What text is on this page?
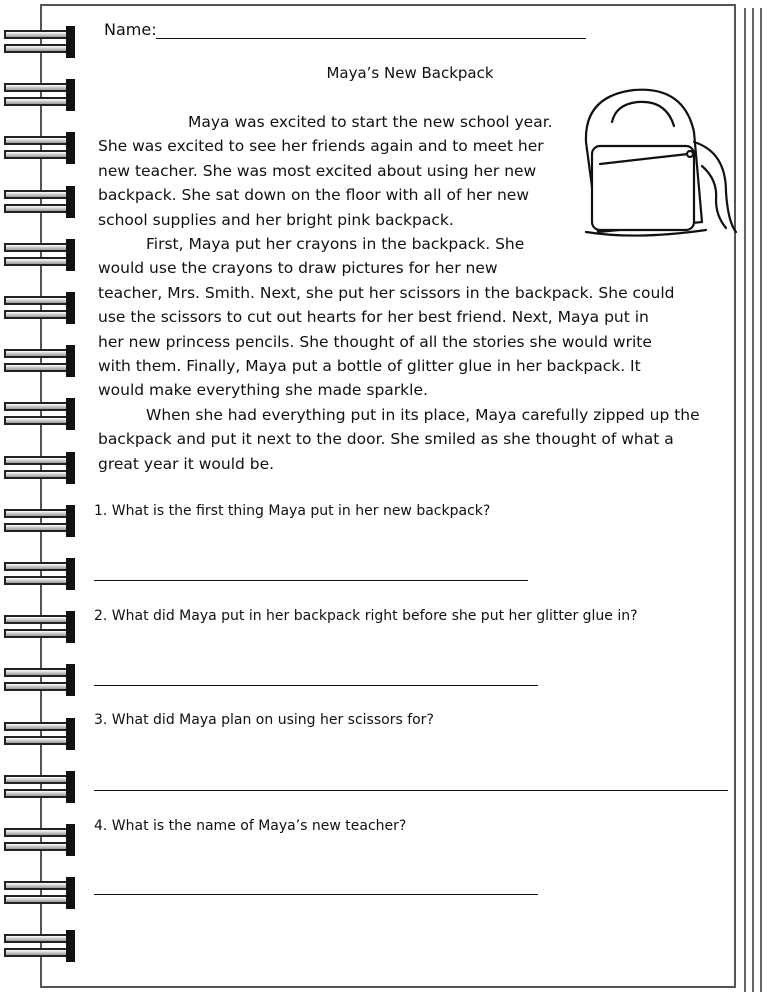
Name:
Maya’s New Backpack
Maya was excited to start the new school year.
She was excited to see her friends again and to meet her
new teacher. She was most excited about using her new
backpack. She sat down on the floor with all of her new
school supplies and her bright pink backpack.
First, Maya put her crayons in the backpack. She
would use the crayons to draw pictures for her new
teacher, Mrs. Smith. Next, she put her scissors in the backpack. She could
use the scissors to cut out hearts for her best friend. Next, Maya put in
her new princess pencils. She thought of all the stories she would write
with them. Finally, Maya put a bottle of glitter glue in her backpack. It
would make everything she made sparkle.
When she had everything put in its place, Maya carefully zipped up the
backpack and put it next to the door. She smiled as she thought of what a
great year it would be.
1. What is the first thing Maya put in her new backpack?
2. What did Maya put in her backpack right before she put her glitter glue in?
3. What did Maya plan on using her scissors for?
4. What is the name of Maya’s new teacher?
